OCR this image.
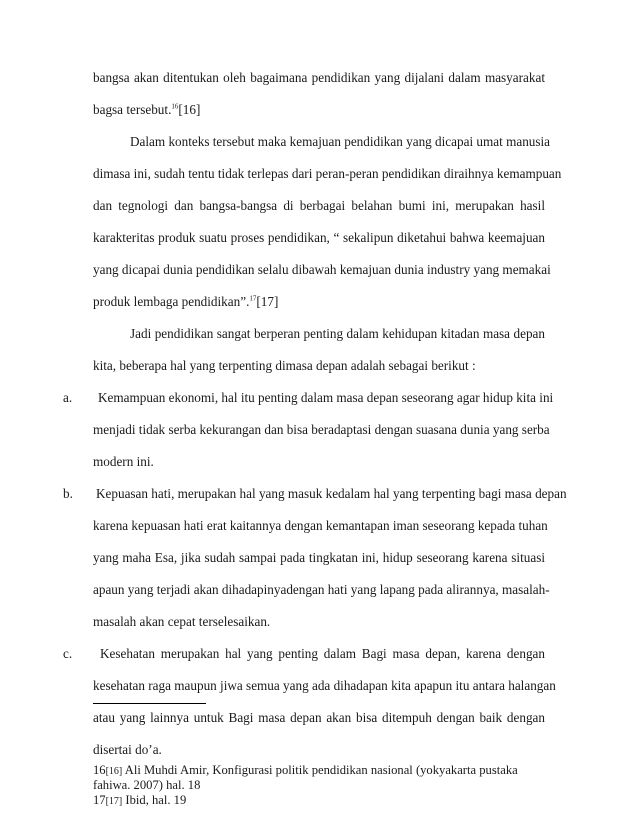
bangsa akan ditentukan oleh bagaimana pendidikan yang dijalani dalam masyarakat
bagsa tersebut.$^{16}$[16]
Dalam konteks tersebut maka kemajuan pendidikan yang dicapai umat manusia
dimasa ini, sudah tentu tidak terlepas dari peran-peran pendidikan diraihnya kemampuan
dan tegnologi dan bangsa-bangsa di berbagai belahan bumi ini, merupakan hasil
karakteritas produk suatu proses pendidikan, “ sekalipun diketahui bahwa keemajuan
yang dicapai dunia pendidikan selalu dibawah kemajuan dunia industry yang memakai
produk lembaga pendidikan”.$^{17}$[17]
Jadi pendidikan sangat berperan penting dalam kehidupan kitadan masa depan
kita, beberapa hal yang terpenting dimasa depan adalah sebagai berikut :
a. Kemampuan ekonomi, hal itu penting dalam masa depan seseorang agar hidup kita ini
menjadi tidak serba kekurangan dan bisa beradaptasi dengan suasana dunia yang serba
modern ini.
b. Kepuasan hati, merupakan hal yang masuk kedalam hal yang terpenting bagi masa depan
karena kepuasan hati erat kaitannya dengan kemantapan iman seseorang kepada tuhan
yang maha Esa, jika sudah sampai pada tingkatan ini, hidup seseorang karena situasi
apaun yang terjadi akan dihadapinyadengan hati yang lapang pada alirannya, masalah-
masalah akan cepat terselesaikan.
c. Kesehatan merupakan hal yang penting dalam Bagi masa depan, karena dengan
kesehatan raga maupun jiwa semua yang ada dihadapan kita apapun itu antara halangan
atau yang lainnya untuk Bagi masa depan akan bisa ditempuh dengan baik dengan
disertai do’a.
16[16] Ali Muhdi Amir, Konfigurasi politik pendidikan nasional (yokyakarta pustaka
fahiwa. 2007) hal. 18
17[17] Ibid, hal. 19
